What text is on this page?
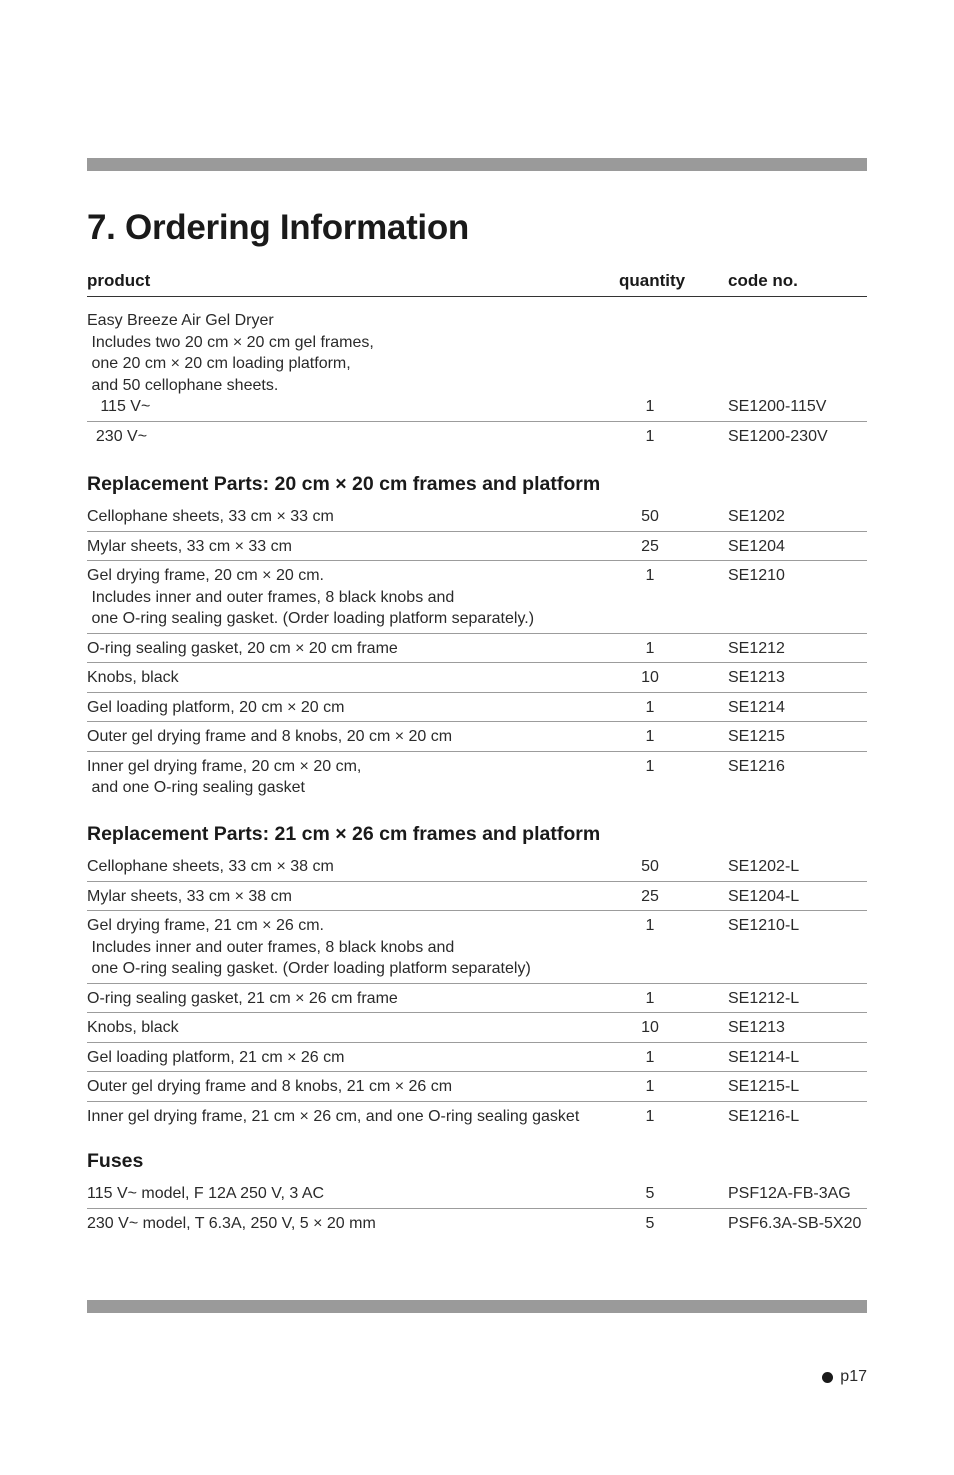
7. Ordering Information
product	quantity	code no.
Easy Breeze Air Gel Dryer
Includes two 20 cm × 20 cm gel frames,
one 20 cm × 20 cm loading platform,
and 50 cellophane sheets.
115 V~	1	SE1200-115V
230 V~	1	SE1200-230V
Replacement Parts: 20 cm × 20 cm frames and platform
Cellophane sheets, 33 cm × 33 cm	50	SE1202
Mylar sheets, 33 cm × 33 cm	25	SE1204
Gel drying frame, 20 cm × 20 cm.
Includes inner and outer frames, 8 black knobs and
one O-ring sealing gasket. (Order loading platform separately.)
1	SE1210
O-ring sealing gasket, 20 cm × 20 cm frame	1	SE1212
Knobs, black	10	SE1213
Gel loading platform, 20 cm × 20 cm	1	SE1214
Outer gel drying frame and 8 knobs, 20 cm × 20 cm	1	SE1215
Inner gel drying frame, 20 cm × 20 cm,
and one O-ring sealing gasket
1	SE1216
Replacement Parts: 21 cm × 26 cm frames and platform
Cellophane sheets, 33 cm × 38 cm	50	SE1202-L
Mylar sheets, 33 cm × 38 cm	25	SE1204-L
Gel drying frame, 21 cm × 26 cm.
Includes inner and outer frames, 8 black knobs and
one O-ring sealing gasket. (Order loading platform separately)
1	SE1210-L
O-ring sealing gasket, 21 cm × 26 cm frame	1	SE1212-L
Knobs, black	10	SE1213
Gel loading platform, 21 cm × 26 cm	1	SE1214-L
Outer gel drying frame and 8 knobs, 21 cm × 26 cm	1	SE1215-L
Inner gel drying frame, 21 cm × 26 cm, and one O-ring sealing gasket	1	SE1216-L
Fuses
115 V~ model, F 12A 250 V, 3 AC	5	PSF12A-FB-3AG
230 V~ model, T 6.3A, 250 V, 5 × 20 mm	5	PSF6.3A-SB-5X20
p17
